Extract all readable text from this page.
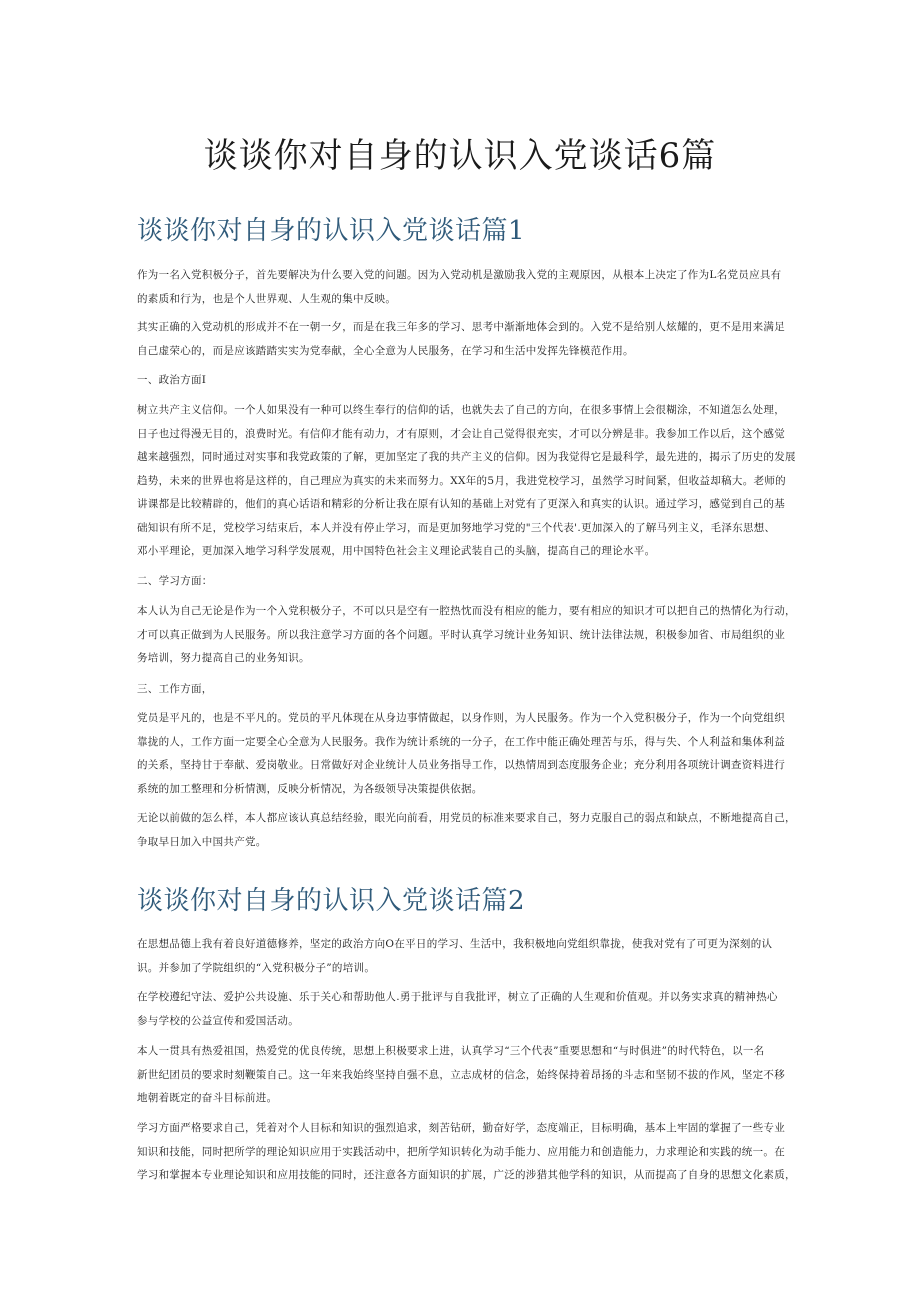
谈谈你对自身的认识入党谈话6篇
谈谈你对自身的认识入党谈话篇1

作为一名入党积极分子，首先要解决为什么要入党的问题。因为入党动机是激励我入党的主观原因，从根本上决定了作为L名党员应具有
的素质和行为，也是个人世界观、人生观的集中反映。

其实正确的入党动机的形成并不在一朝一夕，而是在我三年多的学习、思考中渐渐地体会到的。入党不是给别人炫耀的，更不是用来满足
自己虚荣心的，而是应该踏踏实实为党奉献，全心全意为人民服务，在学习和生活中发挥先锋模范作用。

一、政治方面I

树立共产主义信仰。一个人如果没有一种可以终生奉行的信仰的话，也就失去了自己的方向，在很多事情上会很糊涂，不知道怎么处理，
日子也过得漫无目的，浪费时光。有信仰才能有动力，才有原则，才会让自己觉得很充实，才可以分辨是非。我参加工作以后，这个感觉
越来越强烈，同时通过对实事和我党政策的了解，更加坚定了我的共产主义的信仰。因为我觉得它是最科学，最先进的，揭示了历史的发展
趋势，未来的世界也将是这样的，自己理应为真实的未来而努力。XX年的5月，我进党校学习，虽然学习时间紧，但收益却稿大。老师的
讲课都是比较精辟的，他们的真心话语和精彩的分析让我在原有认知的基础上对党有了更深入和真实的认识。通过学习，感觉到自己的基
础知识有所不足，党校学习结束后，本人并没有停止学习，而是更加努地学习党的"三个代表'.更加深入的了解马列主义，毛泽东思想、
邓小平理论，更加深入地学习科学发展观，用中国特色社会主义理论武装自己的头脑，提高自己的理论水平。

二、学习方面：

本人认为自己无论是作为一个入党积极分子，不可以只是空有一腔热忱而没有相应的能力，要有相应的知识才可以把自己的热情化为行动，
才可以真正做到为人民服务。所以我注意学习方面的各个问题。平时认真学习统计业务知识、统计法律法规，积极参加省、市局组织的业
务培训，努力提高自己的业务知识。

三、工作方面，

党员是平凡的，也是不平凡的。党员的平凡体现在从身边事情做起，以身作则，为人民服务。作为一个入党积极分子，作为一个向党组织
靠拢的人，工作方面一定要全心全意为人民服务。我作为统计系统的一分子，在工作中能正确处理苦与乐，得与失、个人利益和集体利益
的关系，坚持甘于奉献、爱岗敬业。日常做好对企业统计人员业务指导工作，以热情周到态度服务企业；充分利用各项统计调查资料进行
系统的加工整理和分析情测，反映分析情况，为各级领导决策提供依据。

无论以前做的怎么样，本人都应该认真总结经验，眼光向前看，用党员的标准来要求自己，努力克服自己的弱点和缺点，不断地提高自己，
争取早日加入中国共产党。

谈谈你对自身的认识入党谈话篇2

在思想品德上我有着良好道德修养，坚定的政治方向O在平日的学习、生活中，我积极地向党组织靠拢，使我对党有了可更为深刻的认
识。并参加了学院组织的“入党积极分子”的培训。

在学校遵纪守法、爱护公共设施、乐于关心和帮助他人.勇于批评与自我批评，树立了正确的人生观和价值观。并以务实求真的精神热心
参与学校的公益宣传和爱国活动。

本人一贯具有热爱祖国，热爱党的优良传统，思想上积极要求上进，认真学习“三个代表”重要思想和“与时俱进”的时代特色，以一名
新世纪团员的要求时刻鞭策自己。这一年来我始终坚持自强不息，立志成材的信念，始终保持着昂扬的斗志和坚韧不拔的作风，坚定不移
地朝着既定的奋斗目标前进。

学习方面严格要求自己，凭着对个人目标和知识的强烈追求，刻苦钻研，勤奋好学，态度端正，目标明确，基本上牢固的掌握了一些专业
知识和技能，同时把所学的理论知识应用于实践活动中，把所学知识转化为动手能力、应用能力和创造能力，力求理论和实践的统一。在
学习和掌握本专业理论知识和应用技能的同时，还注意各方面知识的扩展，广泛的涉猎其他学科的知识，从而提高了自身的思想文化素质，
